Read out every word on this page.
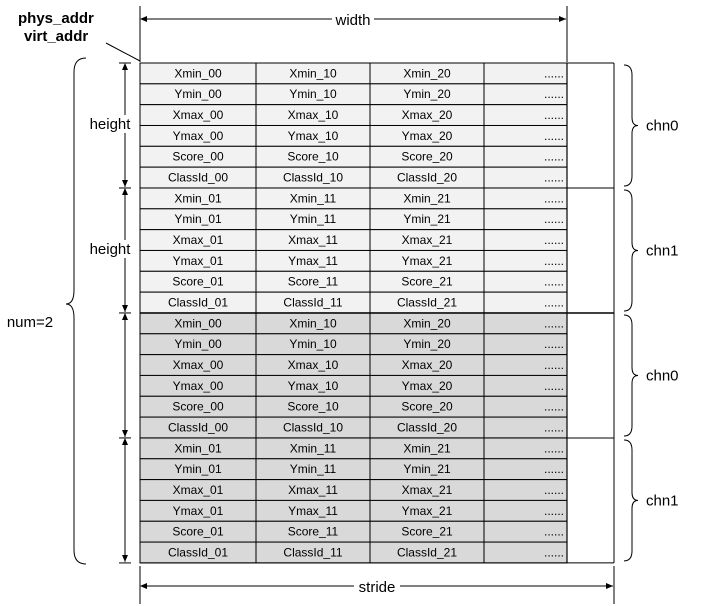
phys_addr
virt_addr
width
stride
num=2
Xmin_00	Xmin_10	Xmin_20	......
Ymin_00	Ymin_10	Ymin_20	......
Xmax_00	Xmax_10	Xmax_20	......
Ymax_00	Ymax_10	Ymax_20	......
Score_00	Score_10	Score_20	......
ClassId_00	ClassId_10	ClassId_20	......
Xmin_01	Xmin_11	Xmin_21	......
Ymin_01	Ymin_11	Ymin_21	......
Xmax_01	Xmax_11	Xmax_21	......
Ymax_01	Ymax_11	Ymax_21	......
Score_01	Score_11	Score_21	......
ClassId_01	ClassId_11	ClassId_21	......
Xmin_00	Xmin_10	Xmin_20	......
Ymin_00	Ymin_10	Ymin_20	......
Xmax_00	Xmax_10	Xmax_20	......
Ymax_00	Ymax_10	Ymax_20	......
Score_00	Score_10	Score_20	......
ClassId_00	ClassId_10	ClassId_20	......
Xmin_01	Xmin_11	Xmin_21	......
Ymin_01	Ymin_11	Ymin_21	......
Xmax_01	Xmax_11	Xmax_21	......
Ymax_01	Ymax_11	Ymax_21	......
Score_01	Score_11	Score_21	......
ClassId_01	ClassId_11	ClassId_21	......
chn0
height
chn1
height
chn0
chn1
